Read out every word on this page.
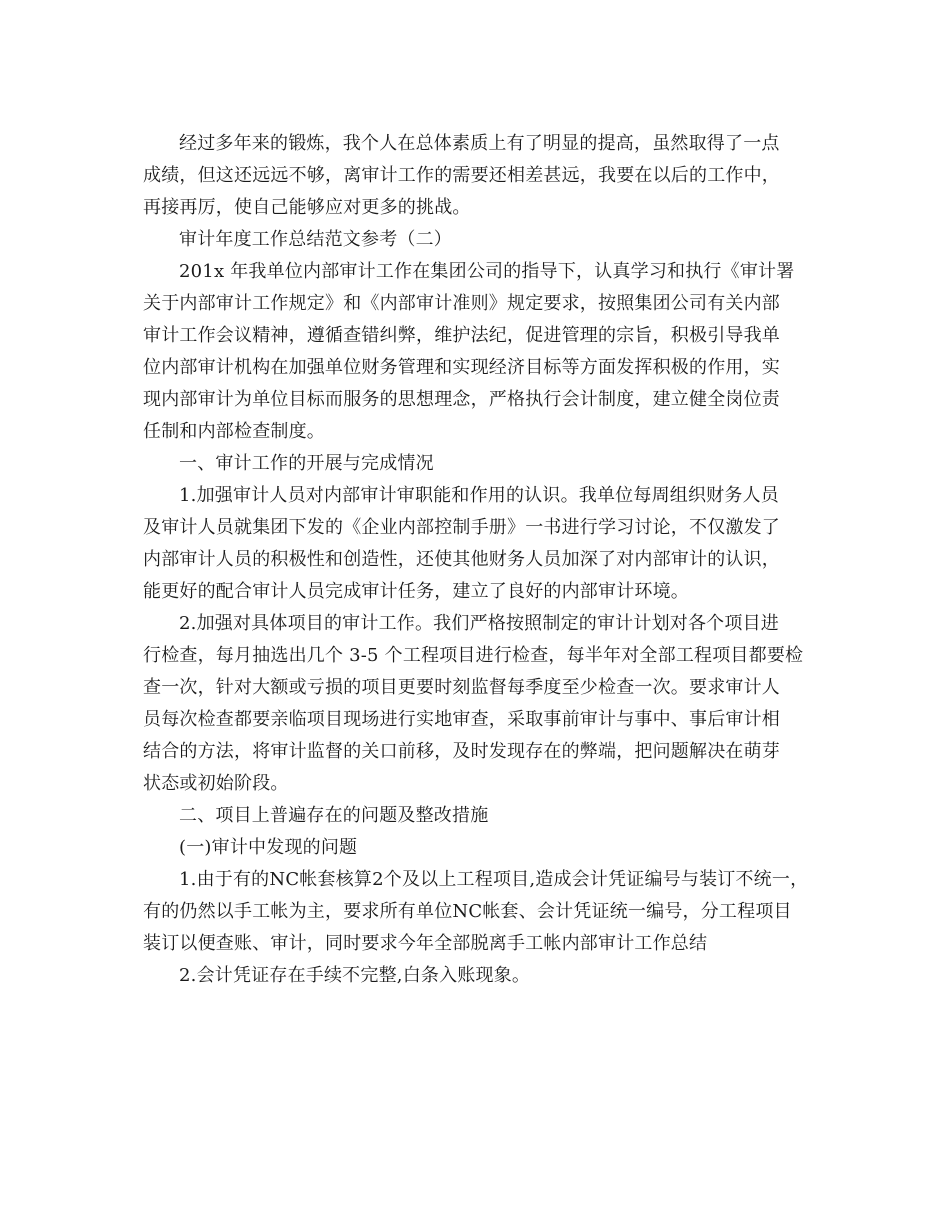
经过多年来的锻炼，我个人在总体素质上有了明显的提高，虽然取得了一点
成绩，但这还远远不够，离审计工作的需要还相差甚远，我要在以后的工作中，
再接再厉，使自己能够应对更多的挑战。
审计年度工作总结范文参考（二）
201x 年我单位内部审计工作在集团公司的指导下，认真学习和执行《审计署
关于内部审计工作规定》和《内部审计准则》规定要求，按照集团公司有关内部
审计工作会议精神，遵循查错纠弊，维护法纪，促进管理的宗旨，积极引导我单
位内部审计机构在加强单位财务管理和实现经济目标等方面发挥积极的作用，实
现内部审计为单位目标而服务的思想理念，严格执行会计制度，建立健全岗位责
任制和内部检查制度。
一、审计工作的开展与完成情况
1.加强审计人员对内部审计审职能和作用的认识。我单位每周组织财务人员
及审计人员就集团下发的《企业内部控制手册》一书进行学习讨论，不仅激发了
内部审计人员的积极性和创造性，还使其他财务人员加深了对内部审计的认识，
能更好的配合审计人员完成审计任务，建立了良好的内部审计环境。
2.加强对具体项目的审计工作。我们严格按照制定的审计计划对各个项目进
行检查，每月抽选出几个 3-5 个工程项目进行检查，每半年对全部工程项目都要检
查一次，针对大额或亏损的项目更要时刻监督每季度至少检查一次。要求审计人
员每次检查都要亲临项目现场进行实地审查，采取事前审计与事中、事后审计相
结合的方法，将审计监督的关口前移，及时发现存在的弊端，把问题解决在萌芽
状态或初始阶段。
二、项目上普遍存在的问题及整改措施
(一)审计中发现的问题
1.由于有的NC帐套核算2个及以上工程项目,造成会计凭证编号与装订不统一，
有的仍然以手工帐为主，要求所有单位NC帐套、会计凭证统一编号，分工程项目
装订以便查账、审计，同时要求今年全部脱离手工帐内部审计工作总结
2.会计凭证存在手续不完整,白条入账现象。
